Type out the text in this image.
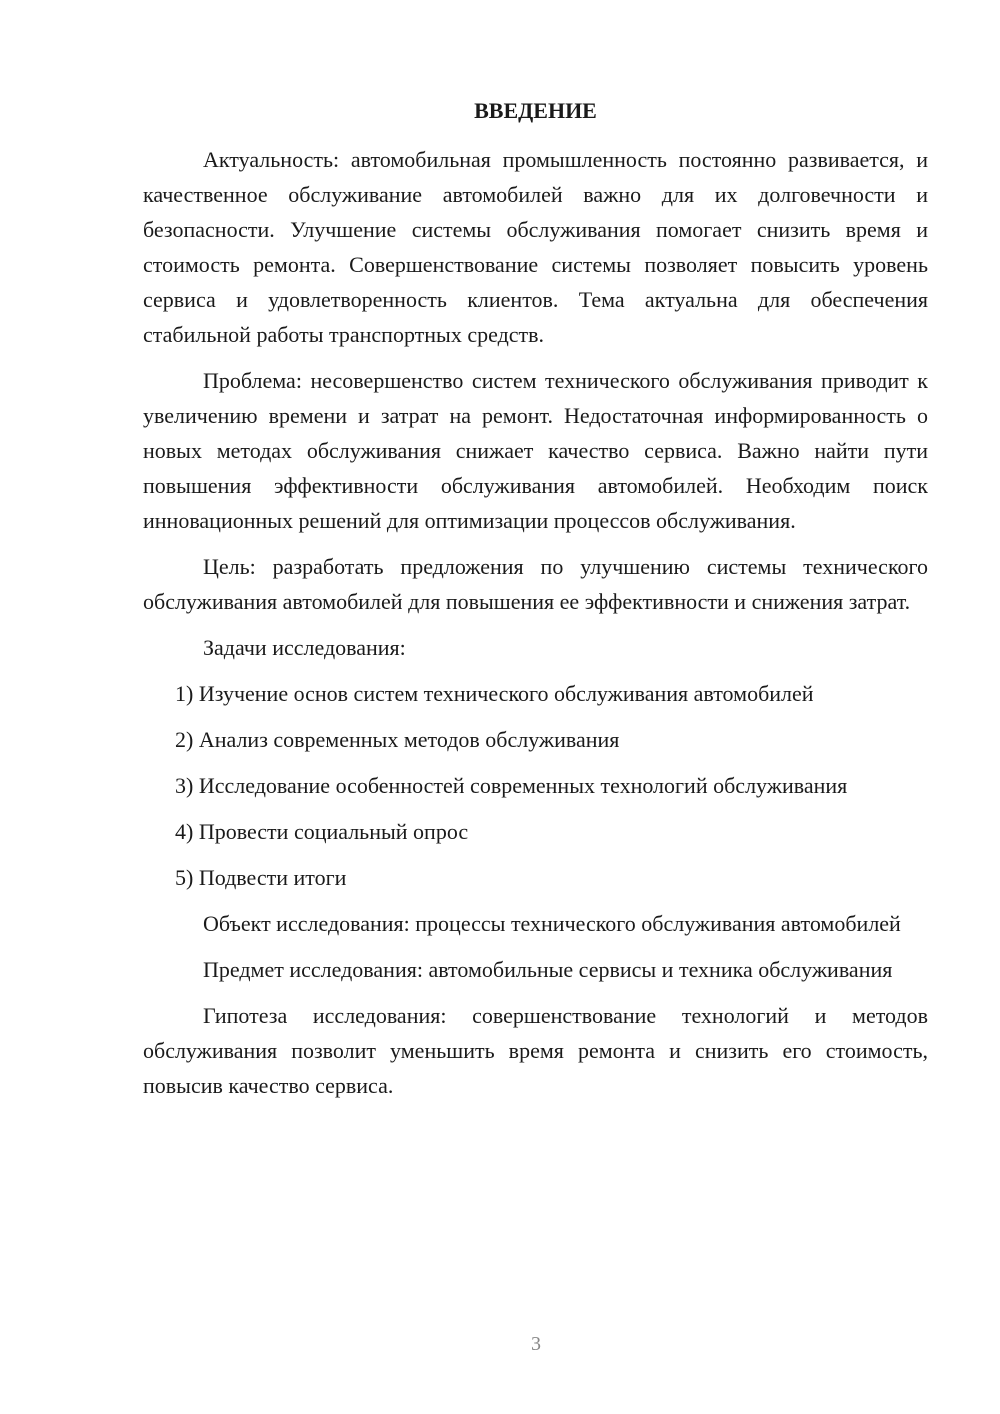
ВВЕДЕНИЕ

Актуальность: автомобильная промышленность постоянно развивается, и качественное обслуживание автомобилей важно для их долговечности и безопасности. Улучшение системы обслуживания помогает снизить время и стоимость ремонта. Совершенствование системы позволяет повысить уровень сервиса и удовлетворенность клиентов. Тема актуальна для обеспечения стабильной работы транспортных средств.

Проблема: несовершенство систем технического обслуживания приводит к увеличению времени и затрат на ремонт. Недостаточная информированность о новых методах обслуживания снижает качество сервиса. Важно найти пути повышения эффективности обслуживания автомобилей. Необходим поиск инновационных решений для оптимизации процессов обслуживания.

Цель: разработать предложения по улучшению системы технического обслуживания автомобилей для повышения ее эффективности и снижения затрат.

Задачи исследования:

1) Изучение основ систем технического обслуживания автомобилей

2) Анализ современных методов обслуживания

3) Исследование особенностей современных технологий обслуживания

4) Провести социальный опрос

5) Подвести итоги

Объект исследования: процессы технического обслуживания автомобилей

Предмет исследования: автомобильные сервисы и техника обслуживания

Гипотеза исследования: совершенствование технологий и методов обслуживания позволит уменьшить время ремонта и снизить его стоимость, повысив качество сервиса.

3
